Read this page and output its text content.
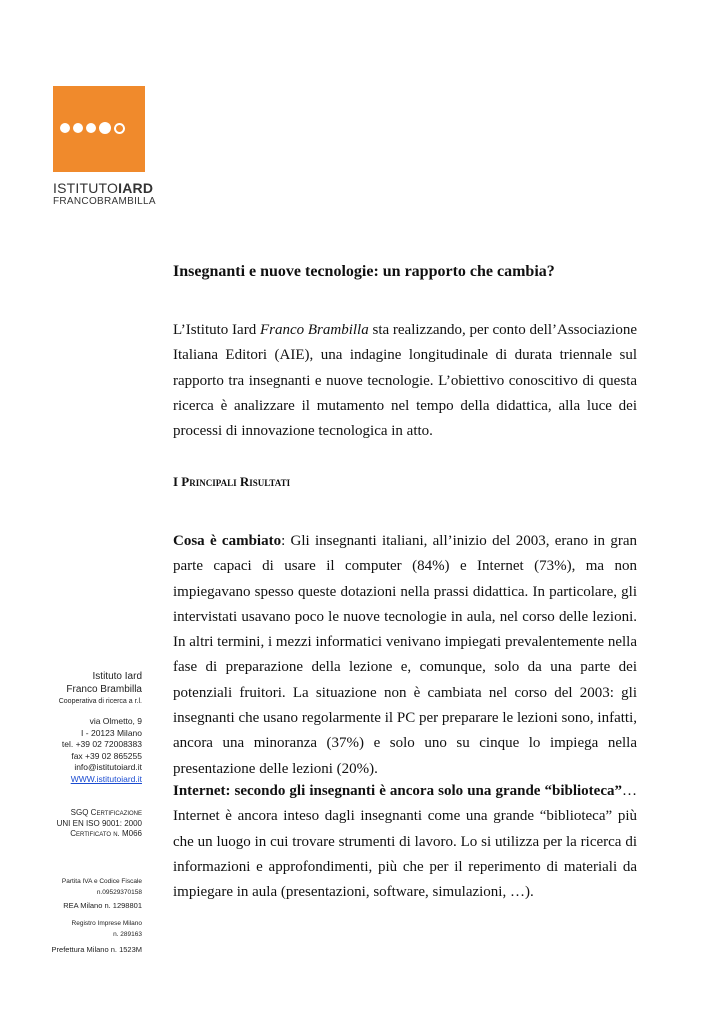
ISTITUTOIARD
FRANCOBRAMBILLA
Insegnanti e nuove tecnologie: un rapporto che cambia?

L’Istituto Iard Franco Brambilla sta realizzando, per conto dell’Associazione Italiana Editori (AIE), una indagine longitudinale di durata triennale sul rapporto tra insegnanti e nuove tecnologie. L’obiettivo conoscitivo di questa ricerca è analizzare il mutamento nel tempo della didattica, alla luce dei processi di innovazione tecnologica in atto.

I Principali Risultati

Cosa è cambiato: Gli insegnanti italiani, all’inizio del 2003, erano in gran parte capaci di usare il computer (84%) e Internet (73%), ma non impiegavano spesso queste dotazioni nella prassi didattica. In particolare, gli intervistati usavano poco le nuove tecnologie in aula, nel corso delle lezioni. In altri termini, i mezzi informatici venivano impiegati prevalentemente nella fase di preparazione della lezione e, comunque, solo da una parte dei potenziali fruitori. La situazione non è cambiata nel corso del 2003: gli insegnanti che usano regolarmente il PC per preparare le lezioni sono, infatti, ancora una minoranza (37%) e solo uno su cinque lo impiega nella presentazione delle lezioni (20%).

Internet: secondo gli insegnanti è ancora solo una grande “biblioteca”…Internet è ancora inteso dagli insegnanti come una grande “biblioteca” più che un luogo in cui trovare strumenti di lavoro. Lo si utilizza per la ricerca di informazioni e approfondimenti, più che per il reperimento di materiali da impiegare in aula (presentazioni, software, simulazioni, …).

Istituto Iard
Franco Brambilla
Cooperativa di ricerca a r.l.
via Olmetto, 9
I - 20123 Milano
tel. +39 02 72008383
fax +39 02 865255
info@istitutoiard.it
WWW.istitutoiard.it
SGQ Certificazione
UNI EN ISO 9001: 2000
Certificato n. M066
Partita IVA e Codice Fiscale
n.09529370158
REA Milano n. 1298801
Registro Imprese Milano
n. 289163
Prefettura Milano n. 1523M
